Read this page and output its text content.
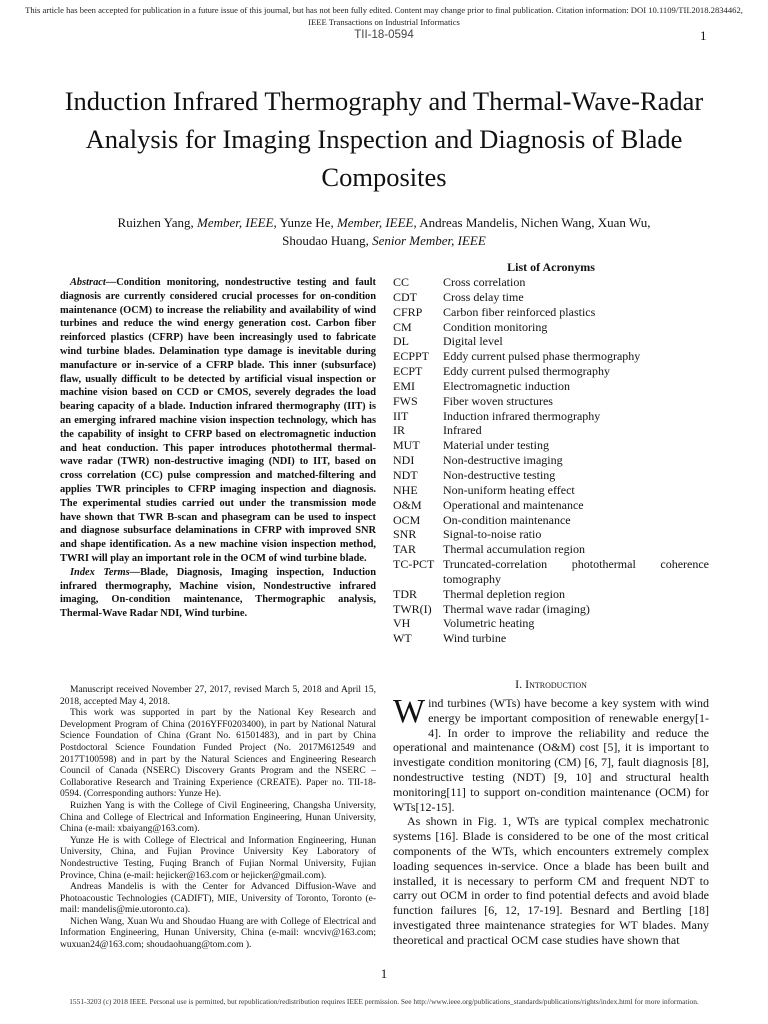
This article has been accepted for publication in a future issue of this journal, but has not been fully edited. Content may change prior to final publication. Citation information: DOI 10.1109/TII.2018.2834462, IEEE Transactions on Industrial Informatics
TII-18-0594	1
Induction Infrared Thermography and Thermal-Wave-Radar Analysis for Imaging Inspection and Diagnosis of Blade Composites
Ruizhen Yang, Member, IEEE, Yunze He, Member, IEEE, Andreas Mandelis, Nichen Wang, Xuan Wu,
Shoudao Huang, Senior Member, IEEE

Abstract—Condition monitoring, nondestructive testing and fault diagnosis are currently considered crucial processes for on-condition maintenance (OCM) to increase the reliability and availability of wind turbines and reduce the wind energy generation cost. Carbon fiber reinforced plastics (CFRP) have been increasingly used to fabricate wind turbine blades. Delamination type damage is inevitable during manufacture or in-service of a CFRP blade. This inner (subsurface) flaw, usually difficult to be detected by artificial visual inspection or machine vision based on CCD or CMOS, severely degrades the load bearing capacity of a blade. Induction infrared thermography (IIT) is an emerging infrared machine vision inspection technology, which has the capability of insight to CFRP based on electromagnetic induction and heat conduction. This paper introduces photothermal thermal-wave radar (TWR) non-destructive imaging (NDI) to IIT, based on cross correlation (CC) pulse compression and matched-filtering and applies TWR principles to CFRP imaging inspection and diagnosis. The experimental studies carried out under the transmission mode have shown that TWR B-scan and phasegram can be used to inspect and diagnose subsurface delaminations in CFRP with improved SNR and shape identification. As a new machine vision inspection method, TWRI will play an important role in the OCM of wind turbine blade.

Index Terms—Blade, Diagnosis, Imaging inspection, Induction infrared thermography, Machine vision, Nondestructive infrared imaging, On-condition maintenance, Thermographic analysis, Thermal-Wave Radar NDI, Wind turbine.

Manuscript received November 27, 2017, revised March 5, 2018 and April 15, 2018, accepted May 4, 2018.

This work was supported in part by the National Key Research and Development Program of China (2016YFF0203400), in part by National Natural Science Foundation of China (Grant No. 61501483), and in part by China Postdoctoral Science Foundation Funded Project (No. 2017M612549 and 2017T100598) and in part by the Natural Sciences and Engineering Research Council of Canada (NSERC) Discovery Grants Program and the NSERC – Collaborative Research and Training Experience (CREATE). Paper no. TII-18-0594. (Corresponding authors: Yunze He).

Ruizhen Yang is with the College of Civil Engineering, Changsha University, China and College of Electrical and Information Engineering, Hunan University, China (e-mail: xbaiyang@163.com).

Yunze He is with College of Electrical and Information Engineering, Hunan University, China, and Fujian Province University Key Laboratory of Nondestructive Testing, Fuqing Branch of Fujian Normal University, Fujian Province, China (e-mail: hejicker@163.com or hejicker@gmail.com).

Andreas Mandelis is with the Center for Advanced Diffusion-Wave and Photoacoustic Technologies (CADIFT), MIE, University of Toronto, Toronto (e-mail: mandelis@mie.utoronto.ca).

Nichen Wang, Xuan Wu and Shoudao Huang are with College of Electrical and Information Engineering, Hunan University, China (e-mail: wncviv@163.com; wuxuan24@163.com; shoudaohuang@tom.com ).

List of Acronyms
CC	Cross correlation
CDT	Cross delay time
CFRP	Carbon fiber reinforced plastics
CM	Condition monitoring
DL	Digital level
ECPPT	Eddy current pulsed phase thermography
ECPT	Eddy current pulsed thermography
EMI	Electromagnetic induction
FWS	Fiber woven structures
IIT	Induction infrared thermography
IR	Infrared
MUT	Material under testing
NDI	Non-destructive imaging
NDT	Non-destructive testing
NHE	Non-uniform heating effect
O&M	Operational and maintenance
OCM	On-condition maintenance
SNR	Signal-to-noise ratio
TAR	Thermal accumulation region
TC-PCT Truncated-correlation photothermal coherence tomography
TDR	Thermal depletion region
TWR(I) Thermal wave radar (imaging)
VH	Volumetric heating
WT	Wind turbine
I. Introduction

Wind turbines (WTs) have become a key system with wind energy be important composition of renewable energy[1-4]. In order to improve the reliability and reduce the operational and maintenance (O&M) cost [5], it is important to investigate condition monitoring (CM) [6, 7], fault diagnosis [8], nondestructive testing (NDT) [9, 10] and structural health monitoring[11] to support on-condition maintenance (OCM) for WTs[12-15].

As shown in Fig. 1, WTs are typical complex mechatronic systems [16]. Blade is considered to be one of the most critical components of the WTs, which encounters extremely complex loading sequences in-service. Once a blade has been built and installed, it is necessary to perform CM and frequent NDT to carry out OCM in order to find potential defects and avoid blade function failures [6, 12, 17-19]. Besnard and Bertling [18] investigated three maintenance strategies for WT blades. Many theoretical and practical OCM case studies have shown that

1
1551-3203 (c) 2018 IEEE. Personal use is permitted, but republication/redistribution requires IEEE permission. See http://www.ieee.org/publications_standards/publications/rights/index.html for more information.
